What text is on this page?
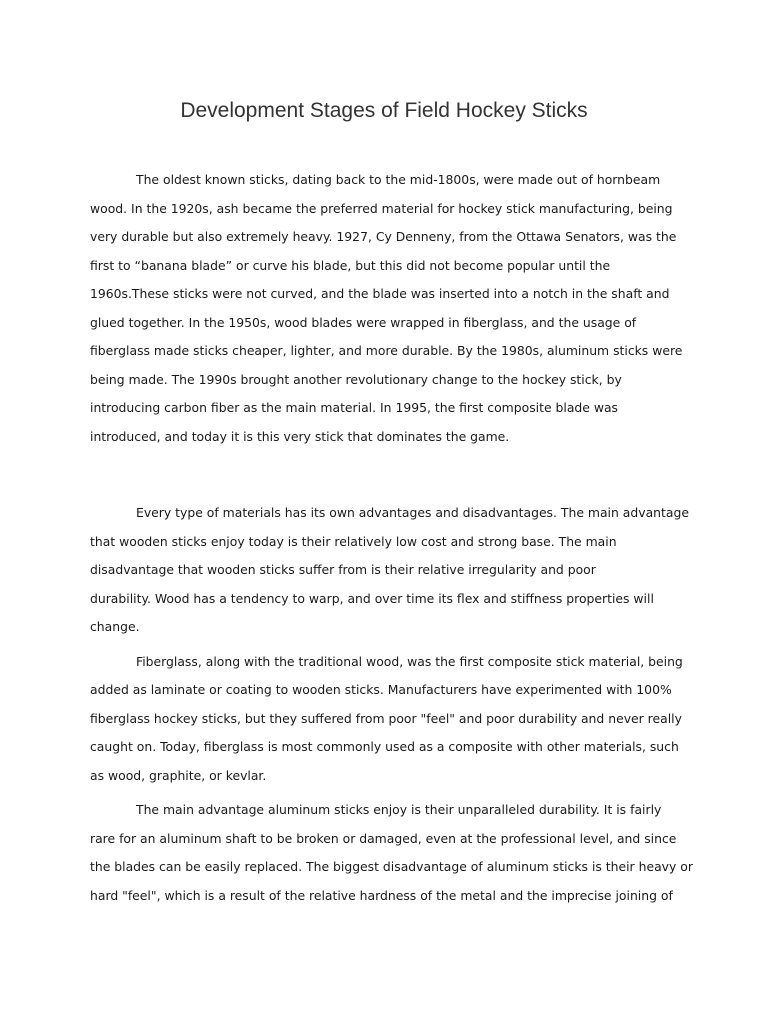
Development Stages of Field Hockey Sticks

The oldest known sticks, dating back to the mid-1800s, were made out of hornbeam
wood. In the 1920s, ash became the preferred material for hockey stick manufacturing, being
very durable but also extremely heavy. 1927, Cy Denneny, from the Ottawa Senators, was the
first to “banana blade” or curve his blade, but this did not become popular until the
1960s.These sticks were not curved, and the blade was inserted into a notch in the shaft and
glued together. In the 1950s, wood blades were wrapped in fiberglass, and the usage of
fiberglass made sticks cheaper, lighter, and more durable. By the 1980s, aluminum sticks were
being made. The 1990s brought another revolutionary change to the hockey stick, by
introducing carbon fiber as the main material. In 1995, the first composite blade was
introduced, and today it is this very stick that dominates the game.

Every type of materials has its own advantages and disadvantages. The main advantage
that wooden sticks enjoy today is their relatively low cost and strong base. The main
disadvantage that wooden sticks suffer from is their relative irregularity and poor
durability. Wood has a tendency to warp, and over time its flex and stiffness properties will
change.

Fiberglass, along with the traditional wood, was the first composite stick material, being
added as laminate or coating to wooden sticks. Manufacturers have experimented with 100%
fiberglass hockey sticks, but they suffered from poor "feel" and poor durability and never really
caught on. Today, fiberglass is most commonly used as a composite with other materials, such
as wood, graphite, or kevlar.

The main advantage aluminum sticks enjoy is their unparalleled durability. It is fairly
rare for an aluminum shaft to be broken or damaged, even at the professional level, and since
the blades can be easily replaced. The biggest disadvantage of aluminum sticks is their heavy or
hard "feel", which is a result of the relative hardness of the metal and the imprecise joining of
